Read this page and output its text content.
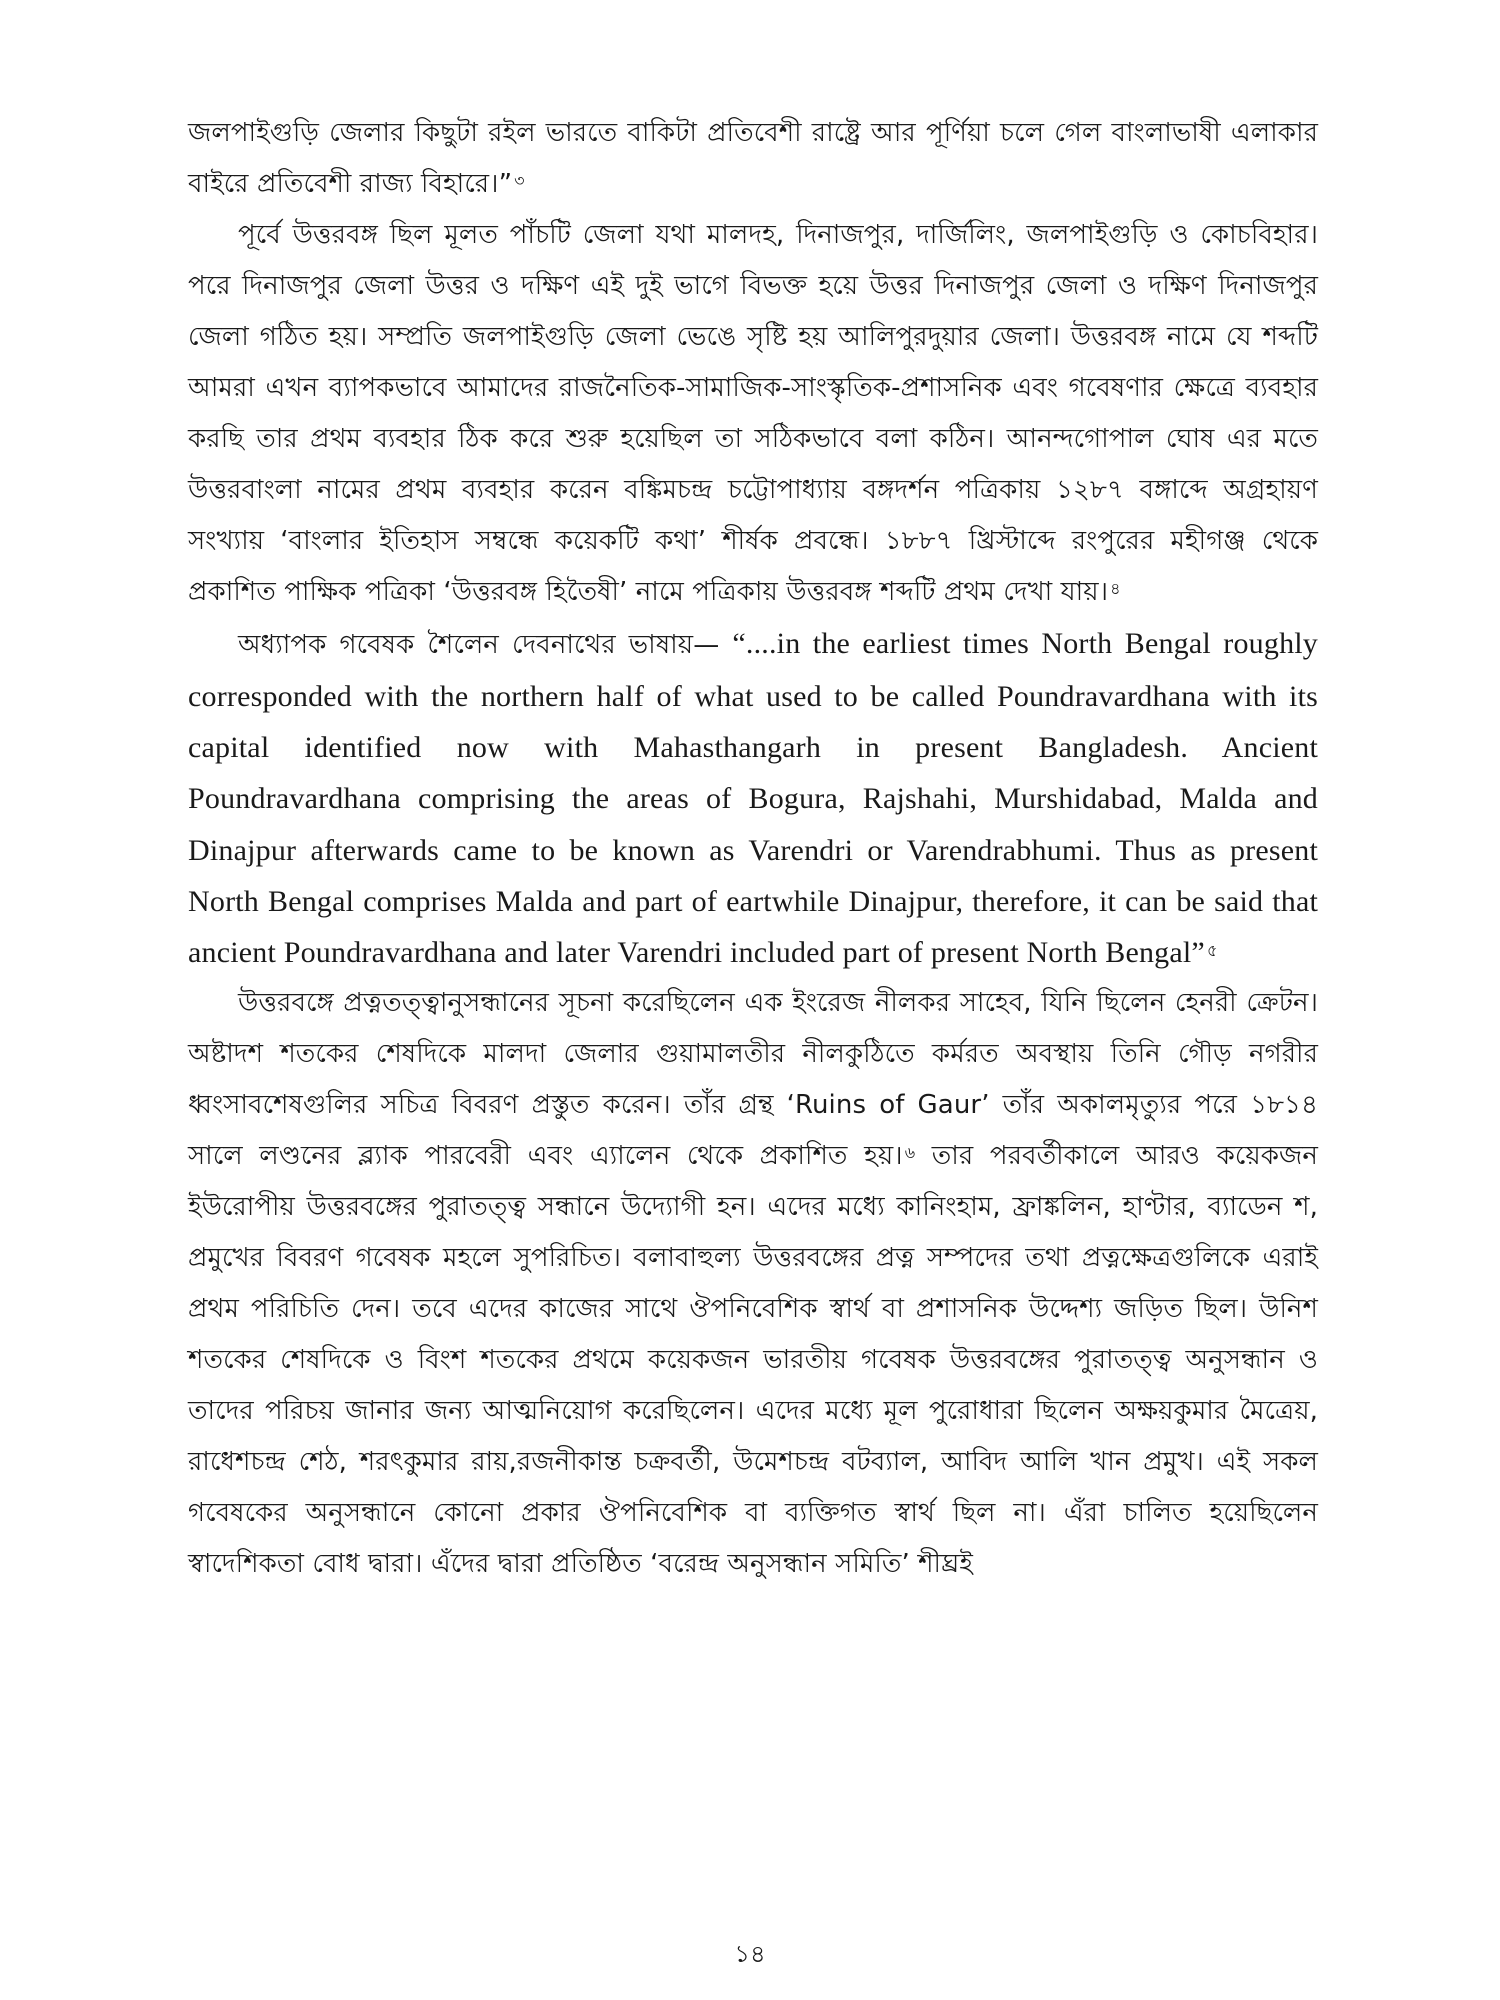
জলপাইগুড়ি জেলার কিছুটা রইল ভারতে বাকিটা প্রতিবেশী রাষ্ট্রে আর পূর্ণিয়া চলে গেল বাংলাভাষী এলাকার বাইরে প্রতিবেশী রাজ্য বিহারে।” $^৩$

পূর্বে উত্তরবঙ্গ ছিল মূলত পাঁচটি জেলা যথা মালদহ, দিনাজপুর, দার্জিলিং, জলপাইগুড়ি ও কোচবিহার। পরে দিনাজপুর জেলা উত্তর ও দক্ষিণ এই দুই ভাগে বিভক্ত হয়ে উত্তর দিনাজপুর জেলা ও দক্ষিণ দিনাজপুর জেলা গঠিত হয়। সম্প্রতি জলপাইগুড়ি জেলা ভেঙে সৃষ্টি হয় আলিপুরদুয়ার জেলা। উত্তরবঙ্গ নামে যে শব্দটি আমরা এখন ব্যাপকভাবে আমাদের রাজনৈতিক-সামাজিক-সাংস্কৃতিক-প্রশাসনিক এবং গবেষণার ক্ষেত্রে ব্যবহার করছি তার প্রথম ব্যবহার ঠিক করে শুরু হয়েছিল তা সঠিকভাবে বলা কঠিন। আনন্দগোপাল ঘোষ এর মতে উত্তরবাংলা নামের প্রথম ব্যবহার করেন বঙ্কিমচন্দ্র চট্টোপাধ্যায় বঙ্গদর্শন পত্রিকায় ১২৮৭ বঙ্গাব্দে অগ্রহায়ণ সংখ্যায় ‘বাংলার ইতিহাস সম্বন্ধে কয়েকটি কথা’ শীর্ষক প্রবন্ধে। ১৮৮৭ খ্রিস্টাব্দে রংপুরের মহীগঞ্জ থেকে প্রকাশিত পাক্ষিক পত্রিকা ‘উত্তরবঙ্গ হিতৈষী’ নামে পত্রিকায় উত্তরবঙ্গ শব্দটি প্রথম দেখা যায়। $^৪$

অধ্যাপক গবেষক শৈলেন দেবনাথের ভাষায়— “....in the earliest times North Bengal roughly corresponded with the northern half of what used to be called Poundravardhana with its capital identified now with Mahasthangarh in present Bangladesh. Ancient Poundravardhana comprising the areas of Bogura, Rajshahi, Murshidabad, Malda and Dinajpur afterwards came to be known as Varendri or Varendrabhumi. Thus as present North Bengal comprises Malda and part of eartwhile Dinajpur, therefore, it can be said that ancient Poundravardhana and later Varendri included part of present North Bengal” $^৫$

উত্তরবঙ্গে প্রত্নতত্ত্বানুসন্ধানের সূচনা করেছিলেন এক ইংরেজ নীলকর সাহেব, যিনি ছিলেন হেনরী ক্রেটন। অষ্টাদশ শতকের শেষদিকে মালদা জেলার গুয়ামালতীর নীলকুঠিতে কর্মরত অবস্থায় তিনি গৌড় নগরীর ধ্বংসাবশেষগুলির সচিত্র বিবরণ প্রস্তুত করেন। তাঁর গ্রন্থ ‘Ruins of Gaur’ তাঁর অকালমৃত্যুর পরে ১৮১৪ সালে লণ্ডনের ব্ল্যাক পারবেরী এবং এ্যালেন থেকে প্রকাশিত হয়। $^৬$ তার পরবর্তীকালে আরও কয়েকজন ইউরোপীয় উত্তরবঙ্গের পুরাতত্ত্ব সন্ধানে উদ্যোগী হন। এদের মধ্যে কানিংহাম, ফ্রাঙ্কলিন, হাণ্টার, ব্যাডেন শ, প্রমুখের বিবরণ গবেষক মহলে সুপরিচিত। বলাবাহুল্য উত্তরবঙ্গের প্রত্ন সম্পদের তথা প্রত্নক্ষেত্রগুলিকে এরাই প্রথম পরিচিতি দেন। তবে এদের কাজের সাথে ঔপনিবেশিক স্বার্থ বা প্রশাসনিক উদ্দেশ্য জড়িত ছিল। উনিশ শতকের শেষদিকে ও বিংশ শতকের প্রথমে কয়েকজন ভারতীয় গবেষক উত্তরবঙ্গের পুরাতত্ত্ব অনুসন্ধান ও তাদের পরিচয় জানার জন্য আত্মনিয়োগ করেছিলেন। এদের মধ্যে মূল পুরোধারা ছিলেন অক্ষয়কুমার মৈত্রেয়, রাধেশচন্দ্র শেঠ, শরৎকুমার রায়,রজনীকান্ত চক্রবর্তী, উমেশচন্দ্র বটব্যাল, আবিদ আলি খান প্রমুখ। এই সকল গবেষকের অনুসন্ধানে কোনো প্রকার ঔপনিবেশিক বা ব্যক্তিগত স্বার্থ ছিল না। এঁরা চালিত হয়েছিলেন স্বাদেশিকতা বোধ দ্বারা। এঁদের দ্বারা প্রতিষ্ঠিত ‘বরেন্দ্র অনুসন্ধান সমিতি’ শীঘ্রই

১৪
